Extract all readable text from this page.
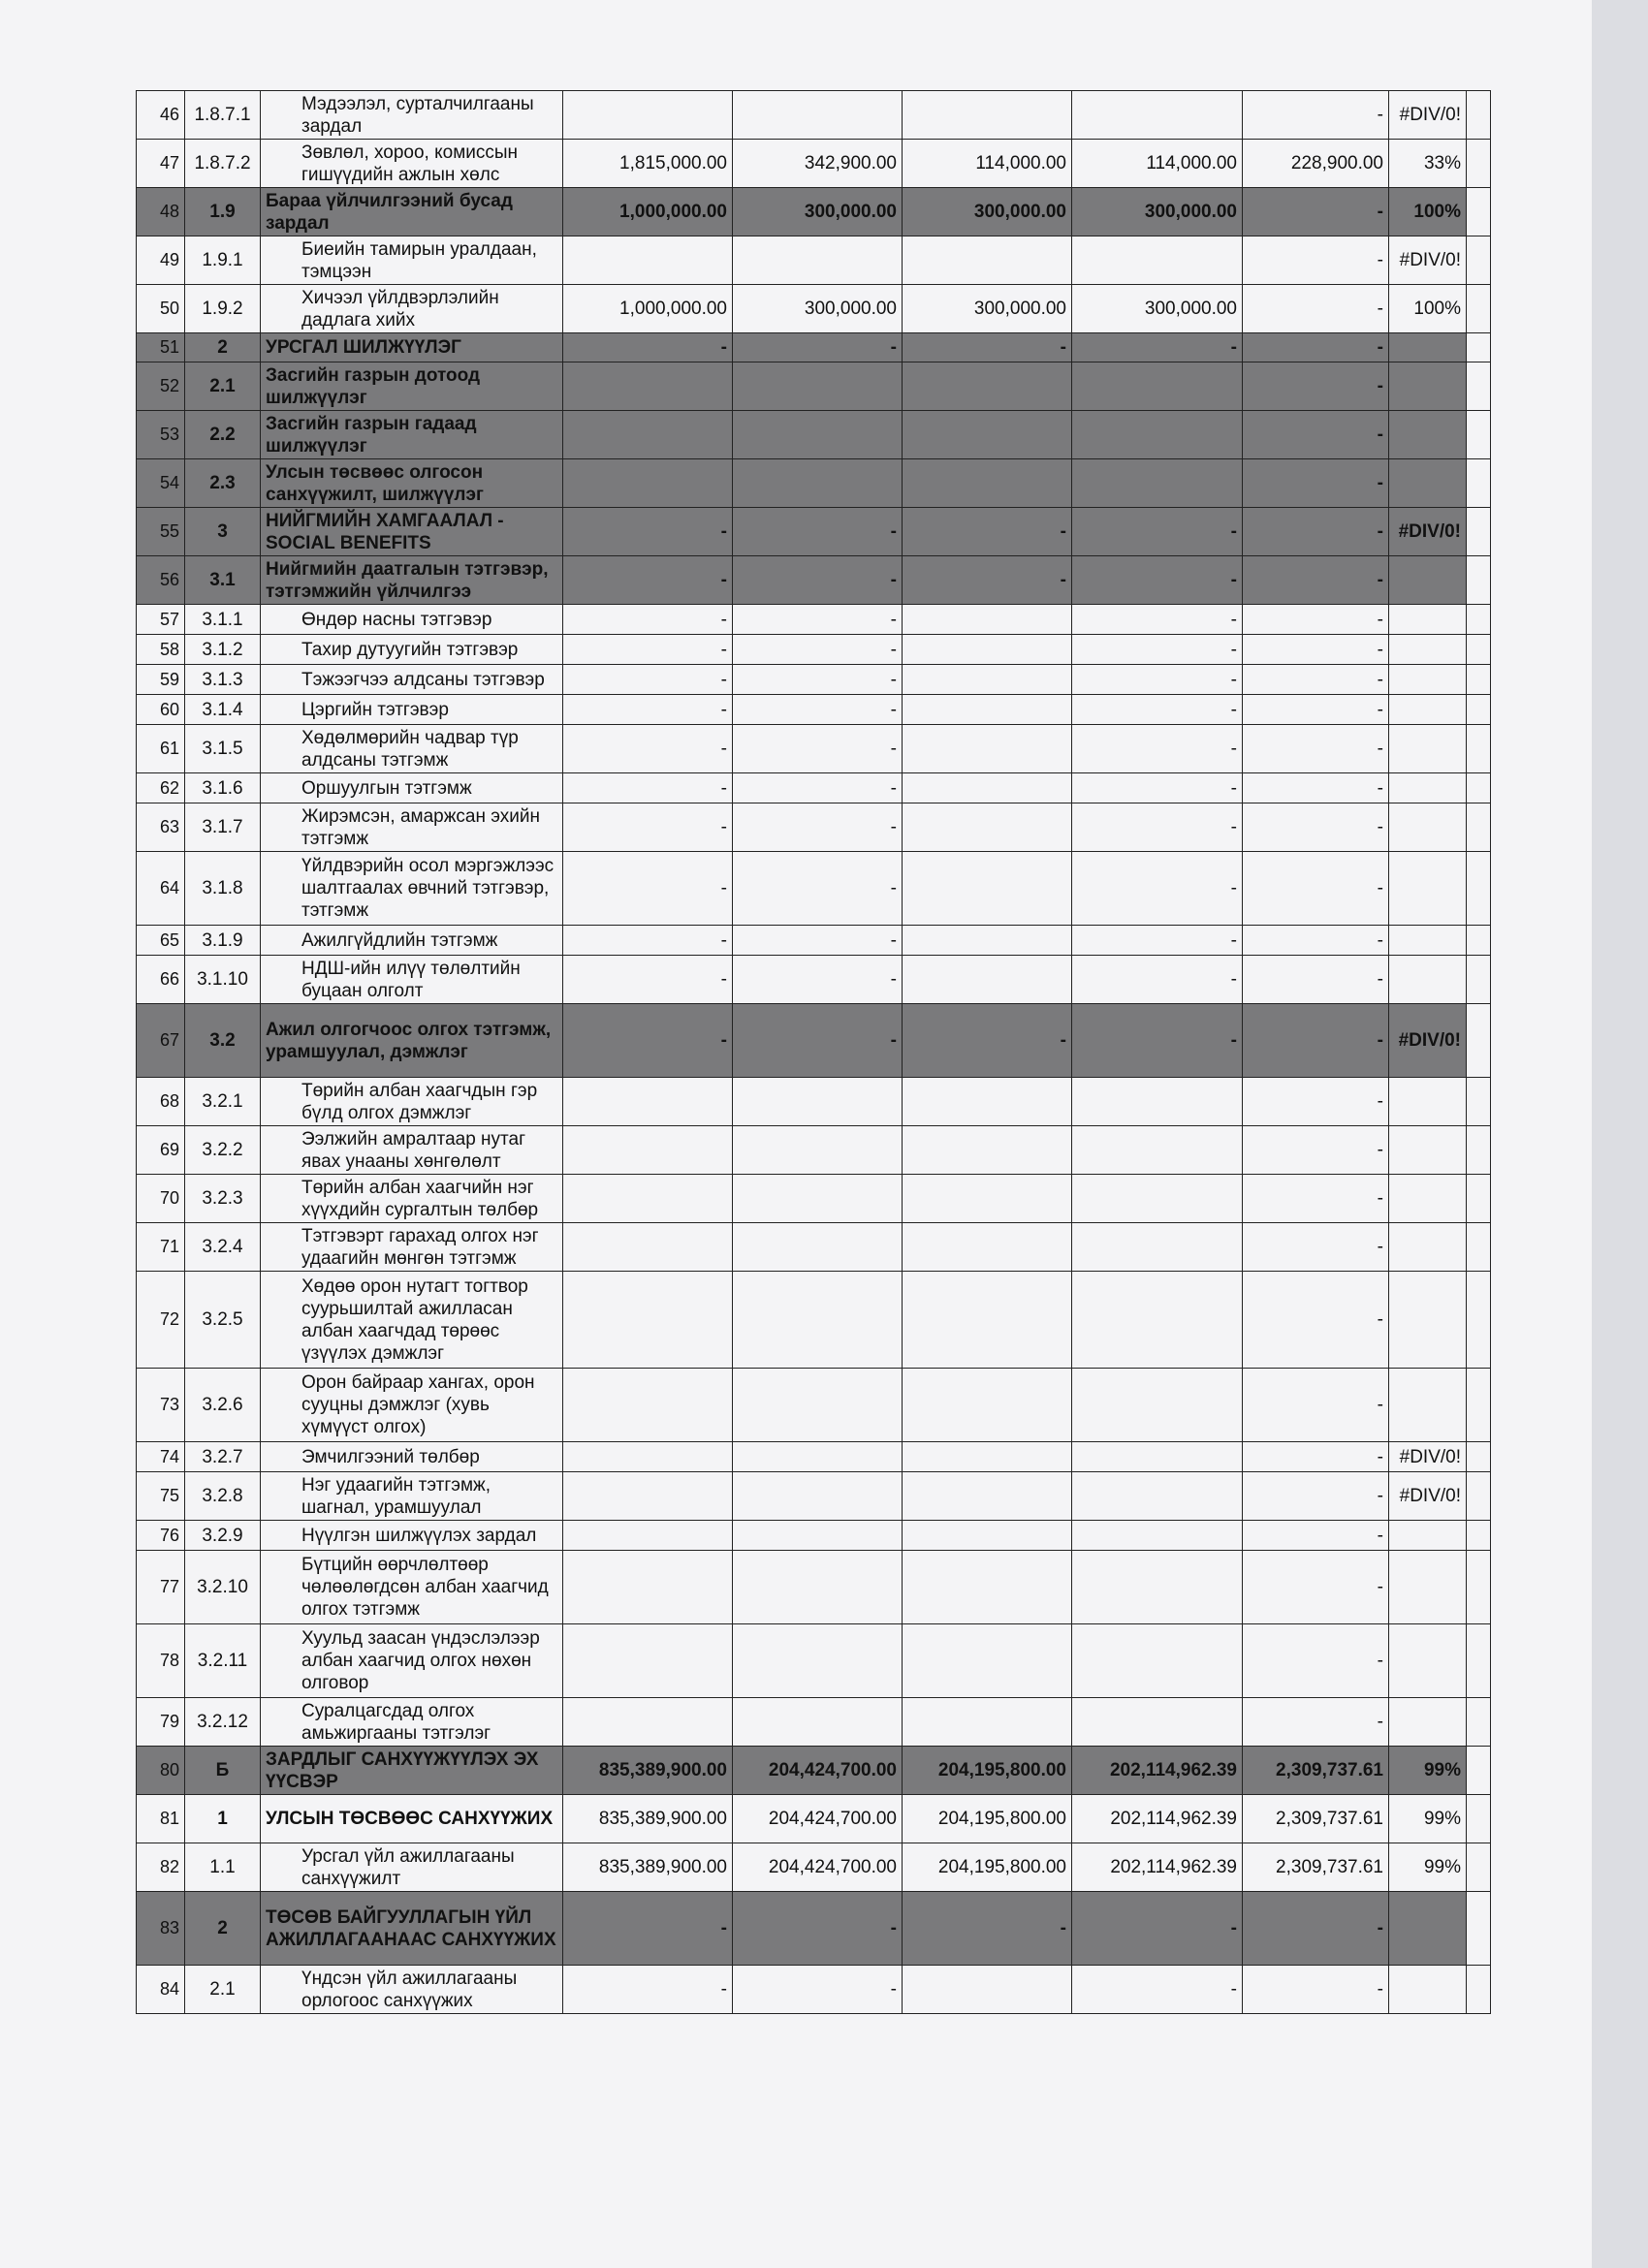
46	1.8.7.1	Мэдээлэл, сурталчилгааны зардал					-	#DIV/0!	
47	1.8.7.2	Зөвлөл, хороо, комиссын гишүүдийн ажлын хөлс	1,815,000.00	342,900.00	114,000.00	114,000.00	228,900.00	33%	
48	1.9	Бараа үйлчилгээний бусад зардал	1,000,000.00	300,000.00	300,000.00	300,000.00	-	100%	
49	1.9.1	Биеийн тамирын уралдаан, тэмцээн					-	#DIV/0!	
50	1.9.2	Хичээл үйлдвэрлэлийн дадлага хийх	1,000,000.00	300,000.00	300,000.00	300,000.00	-	100%	
51	2	УРСГАЛ ШИЛЖҮҮЛЭГ	-	-	-	-	-		
52	2.1	Засгийн газрын дотоод шилжүүлэг					-		
53	2.2	Засгийн газрын гадаад шилжүүлэг					-		
54	2.3	Улсын төсвөөс олгосон санхүүжилт, шилжүүлэг					-		
55	3	НИЙГМИЙН ХАМГААЛАЛ - SOCIAL BENEFITS	-	-	-	-	-	#DIV/0!	
56	3.1	Нийгмийн даатгалын тэтгэвэр, тэтгэмжийн үйлчилгээ	-	-	-	-	-		
57	3.1.1	Өндөр насны тэтгэвэр	-	-		-	-		
58	3.1.2	Тахир дутуугийн тэтгэвэр	-	-		-	-		
59	3.1.3	Тэжээгчээ алдсаны тэтгэвэр	-	-		-	-		
60	3.1.4	Цэргийн тэтгэвэр	-	-		-	-		
61	3.1.5	Хөдөлмөрийн чадвар түр алдсаны тэтгэмж	-	-		-	-		
62	3.1.6	Оршуулгын тэтгэмж	-	-		-	-		
63	3.1.7	Жирэмсэн, амаржсан эхийн тэтгэмж	-	-		-	-		
64	3.1.8	Үйлдвэрийн осол мэргэжлээс шалтгаалах өвчний тэтгэвэр, тэтгэмж	-	-		-	-		
65	3.1.9	Ажилгүйдлийн тэтгэмж	-	-		-	-		
66	3.1.10	НДШ-ийн илүү төлөлтийн буцаан олголт	-	-		-	-		
67	3.2	Ажил олгогчоос олгох тэтгэмж, урамшуулал, дэмжлэг	-	-	-	-	-	#DIV/0!	
68	3.2.1	Төрийн албан хаагчдын гэр бүлд олгох дэмжлэг					-		
69	3.2.2	Ээлжийн амралтаар нутаг явах унааны хөнгөлөлт					-		
70	3.2.3	Төрийн албан хаагчийн нэг хүүхдийн сургалтын төлбөр					-		
71	3.2.4	Тэтгэвэрт гарахад олгох нэг удаагийн мөнгөн тэтгэмж					-		
72	3.2.5	Хөдөө орон нутагт тогтвор суурьшилтай ажилласан албан хаагчдад төрөөс үзүүлэх дэмжлэг					-		
73	3.2.6	Орон байраар хангах, орон сууцны дэмжлэг (хувь хүмүүст олгох)					-		
74	3.2.7	Эмчилгээний төлбөр					-	#DIV/0!	
75	3.2.8	Нэг удаагийн тэтгэмж, шагнал, урамшуулал					-	#DIV/0!	
76	3.2.9	Нүүлгэн шилжүүлэх зардал					-		
77	3.2.10	Бүтцийн өөрчлөлтөөр чөлөөлөгдсөн албан хаагчид олгох тэтгэмж					-		
78	3.2.11	Хуульд заасан үндэслэлээр албан хаагчид олгох нөхөн олговор					-		
79	3.2.12	Суралцагсдад олгох амьжиргааны тэтгэлэг					-		
80	Б	ЗАРДЛЫГ САНХҮҮЖҮҮЛЭХ ЭХ ҮҮСВЭР	835,389,900.00	204,424,700.00	204,195,800.00	202,114,962.39	2,309,737.61	99%	
81	1	УЛСЫН ТӨСВӨӨС САНХҮҮЖИХ	835,389,900.00	204,424,700.00	204,195,800.00	202,114,962.39	2,309,737.61	99%	
82	1.1	Урсгал үйл ажиллагааны санхүүжилт	835,389,900.00	204,424,700.00	204,195,800.00	202,114,962.39	2,309,737.61	99%	
83	2	ТӨСӨВ БАЙГУУЛЛАГЫН ҮЙЛ АЖИЛЛАГААНААС САНХҮҮЖИХ	-	-	-	-	-		
84	2.1	Үндсэн үйл ажиллагааны орлогоос санхүүжих	-	-		-	-		
